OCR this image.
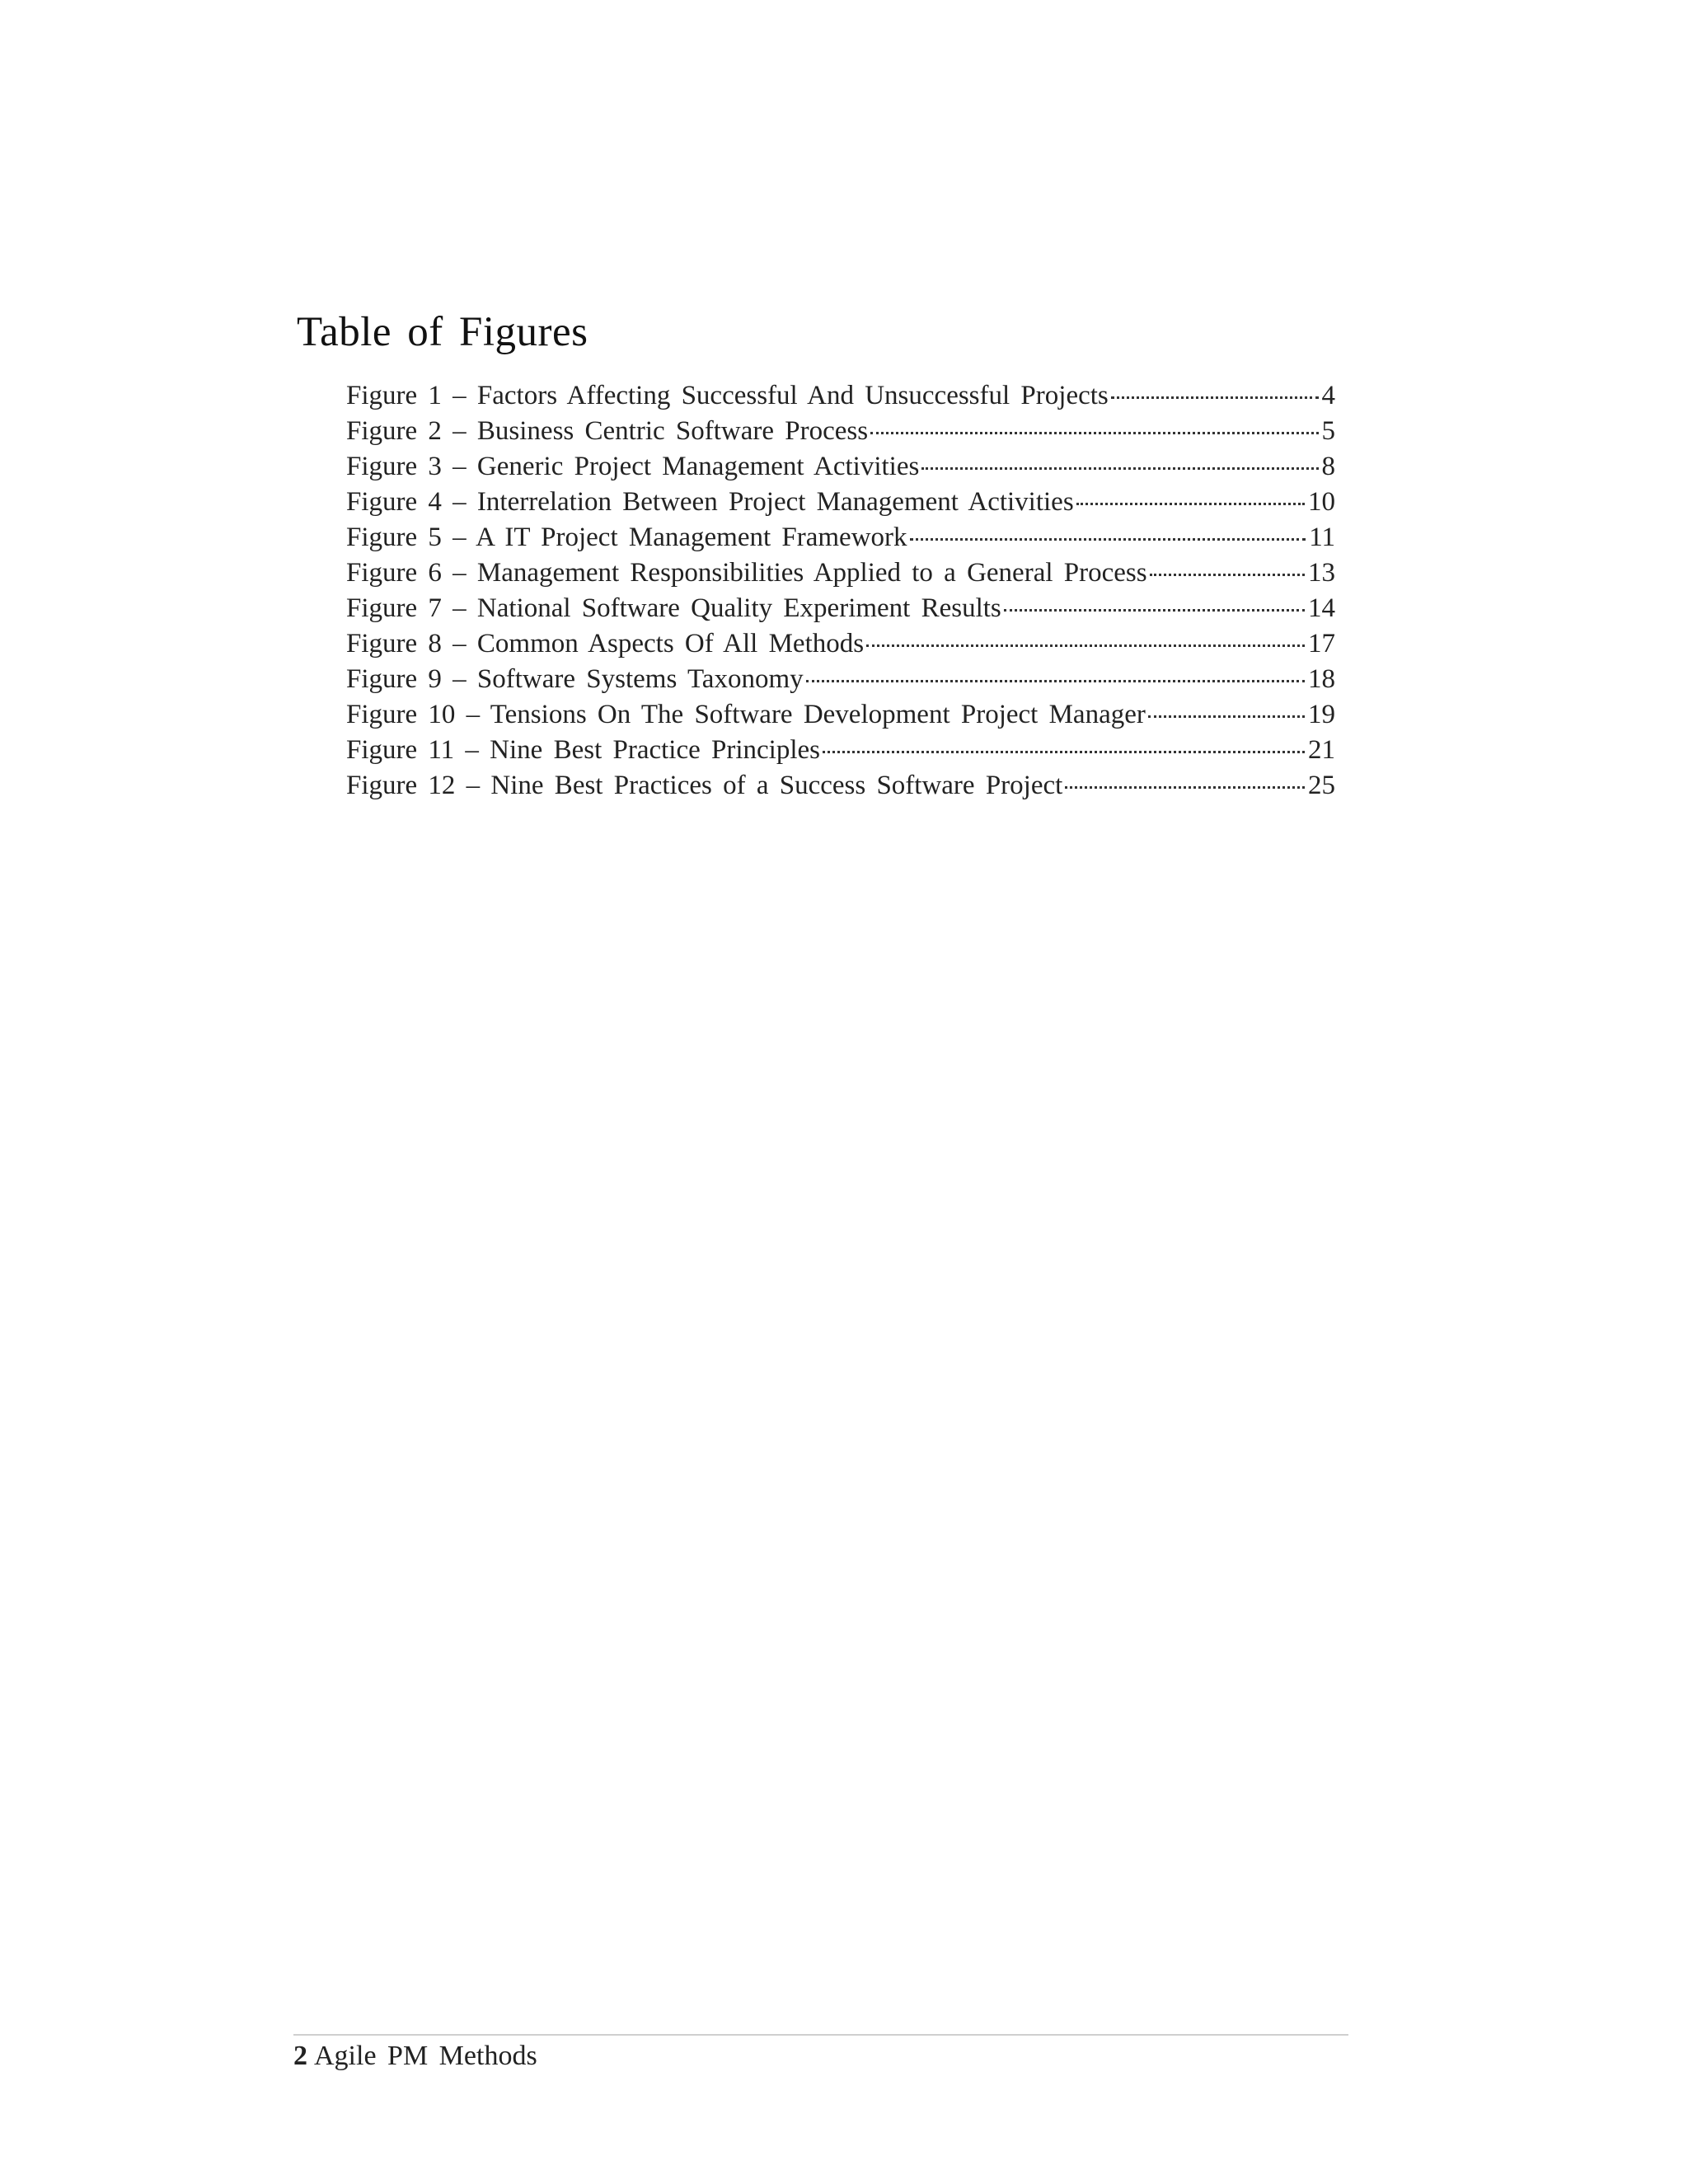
Table of Figures
Figure 1 – Factors Affecting Successful And Unsuccessful Projects	4
Figure 2 – Business Centric Software Process	5
Figure 3 – Generic Project Management Activities	8
Figure 4 – Interrelation Between Project Management Activities	10
Figure 5 – A IT Project Management Framework	11
Figure 6 – Management Responsibilities Applied to a General Process	13
Figure 7 – National Software Quality Experiment Results	14
Figure 8 – Common Aspects Of All Methods	17
Figure 9 – Software Systems Taxonomy	18
Figure 10 – Tensions On The Software Development Project Manager	19
Figure 11 – Nine Best Practice Principles	21
Figure 12 – Nine Best Practices of a Success Software Project	25
2 Agile PM Methods
